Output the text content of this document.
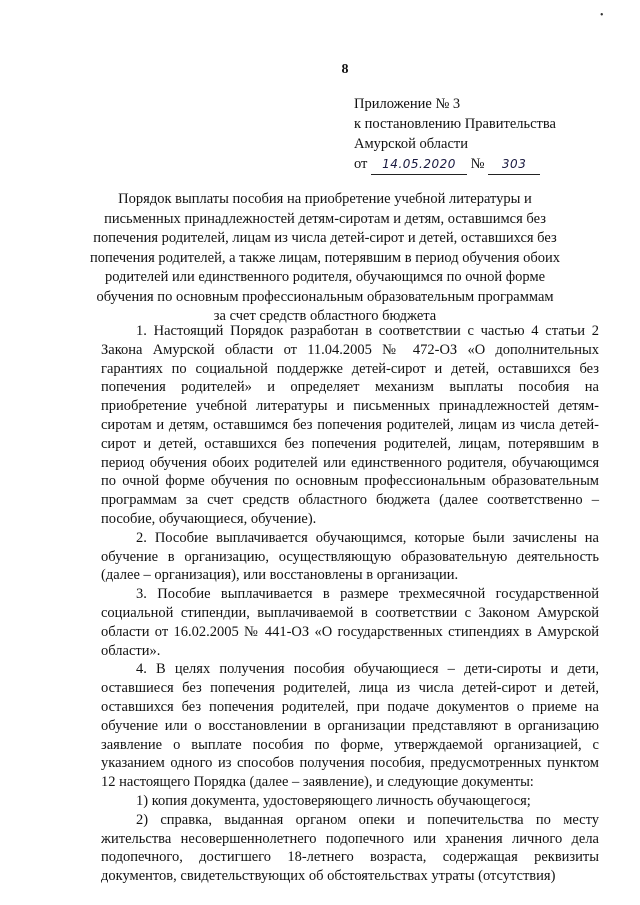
•
8
Приложение № 3
к постановлению Правительства
Амурской области
от 14.05.2020 № 303
Порядок выплаты пособия на приобретение учебной литературы и письменных принадлежностей детям-сиротам и детям, оставшимся без попечения родителей, лицам из числа детей-сирот и детей, оставшихся без попечения родителей, а также лицам, потерявшим в период обучения обоих родителей или единственного родителя, обучающимся по очной форме обучения по основным профессиональным образовательным программам за счет средств областного бюджета

1. Настоящий Порядок разработан в соответствии с частью 4 статьи 2 Закона Амурской области от 11.04.2005 № 472-ОЗ «О дополнительных гарантиях по социальной поддержке детей-сирот и детей, оставшихся без попечения родителей» и определяет механизм выплаты пособия на приобретение учебной литературы и письменных принадлежностей детям-сиротам и детям, оставшимся без попечения родителей, лицам из числа детей-сирот и детей, оставшихся без попечения родителей, лицам, потерявшим в период обучения обоих родителей или единственного родителя, обучающимся по очной форме обучения по основным профессиональным образовательным программам за счет средств областного бюджета (далее соответственно – пособие, обучающиеся, обучение).

2. Пособие выплачивается обучающимся, которые были зачислены на обучение в организацию, осуществляющую образовательную деятельность (далее – организация), или восстановлены в организации.

3. Пособие выплачивается в размере трехмесячной государственной социальной стипендии, выплачиваемой в соответствии с Законом Амурской области от 16.02.2005 № 441-ОЗ «О государственных стипендиях в Амурской области».

4. В целях получения пособия обучающиеся – дети-сироты и дети, оставшиеся без попечения родителей, лица из числа детей-сирот и детей, оставшихся без попечения родителей, при подаче документов о приеме на обучение или о восстановлении в организации представляют в организацию заявление о выплате пособия по форме, утверждаемой организацией, с указанием одного из способов получения пособия, предусмотренных пунктом 12 настоящего Порядка (далее – заявление), и следующие документы:

1) копия документа, удостоверяющего личность обучающегося;

2) справка, выданная органом опеки и попечительства по месту жительства несовершеннолетнего подопечного или хранения личного дела подопечного, достигшего 18-летнего возраста, содержащая реквизиты документов, свидетельствующих об обстоятельствах утраты (отсутствия)
